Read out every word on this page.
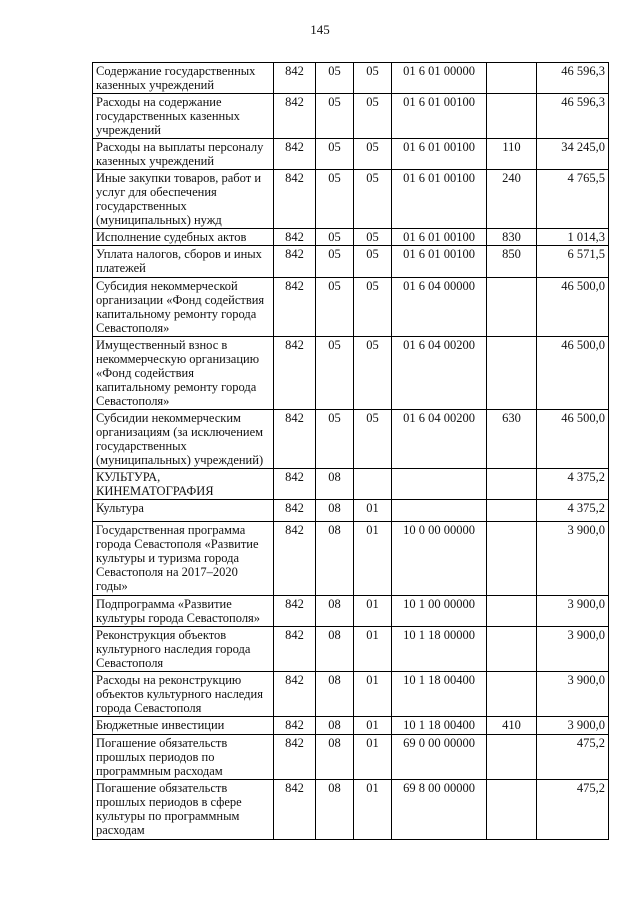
145
Содержание государственных казенных учреждений	842	05	05	01 6 01 00000		46 596,3
Расходы на содержание государственных казенных учреждений	842	05	05	01 6 01 00100		46 596,3
Расходы на выплаты персоналу казенных учреждений	842	05	05	01 6 01 00100	110	34 245,0
Иные закупки товаров, работ и услуг для обеспечения государственных (муниципальных) нужд	842	05	05	01 6 01 00100	240	4 765,5
Исполнение судебных актов	842	05	05	01 6 01 00100	830	1 014,3
Уплата налогов, сборов и иных платежей	842	05	05	01 6 01 00100	850	6 571,5
Субсидия некоммерческой организации «Фонд содействия капитальному ремонту города Севастополя»	842	05	05	01 6 04 00000		46 500,0
Имущественный взнос в некоммерческую организацию «Фонд содействия капитальному ремонту города Севастополя»	842	05	05	01 6 04 00200		46 500,0
Субсидии некоммерческим организациям (за исключением государственных (муниципальных) учреждений)	842	05	05	01 6 04 00200	630	46 500,0
КУЛЬТУРА, КИНЕМАТОГРАФИЯ	842	08				4 375,2
Культура	842	08	01			4 375,2
Государственная программа города Севастополя «Развитие культуры и туризма города Севастополя на 2017–2020 годы»	842	08	01	10 0 00 00000		3 900,0
Подпрограмма «Развитие культуры города Севастополя»	842	08	01	10 1 00 00000		3 900,0
Реконструкция объектов культурного наследия города Севастополя	842	08	01	10 1 18 00000		3 900,0
Расходы на реконструкцию объектов культурного наследия города Севастополя	842	08	01	10 1 18 00400		3 900,0
Бюджетные инвестиции	842	08	01	10 1 18 00400	410	3 900,0
Погашение обязательств прошлых периодов по программным расходам	842	08	01	69 0 00 00000		475,2
Погашение обязательств прошлых периодов в сфере культуры по программным расходам	842	08	01	69 8 00 00000		475,2
